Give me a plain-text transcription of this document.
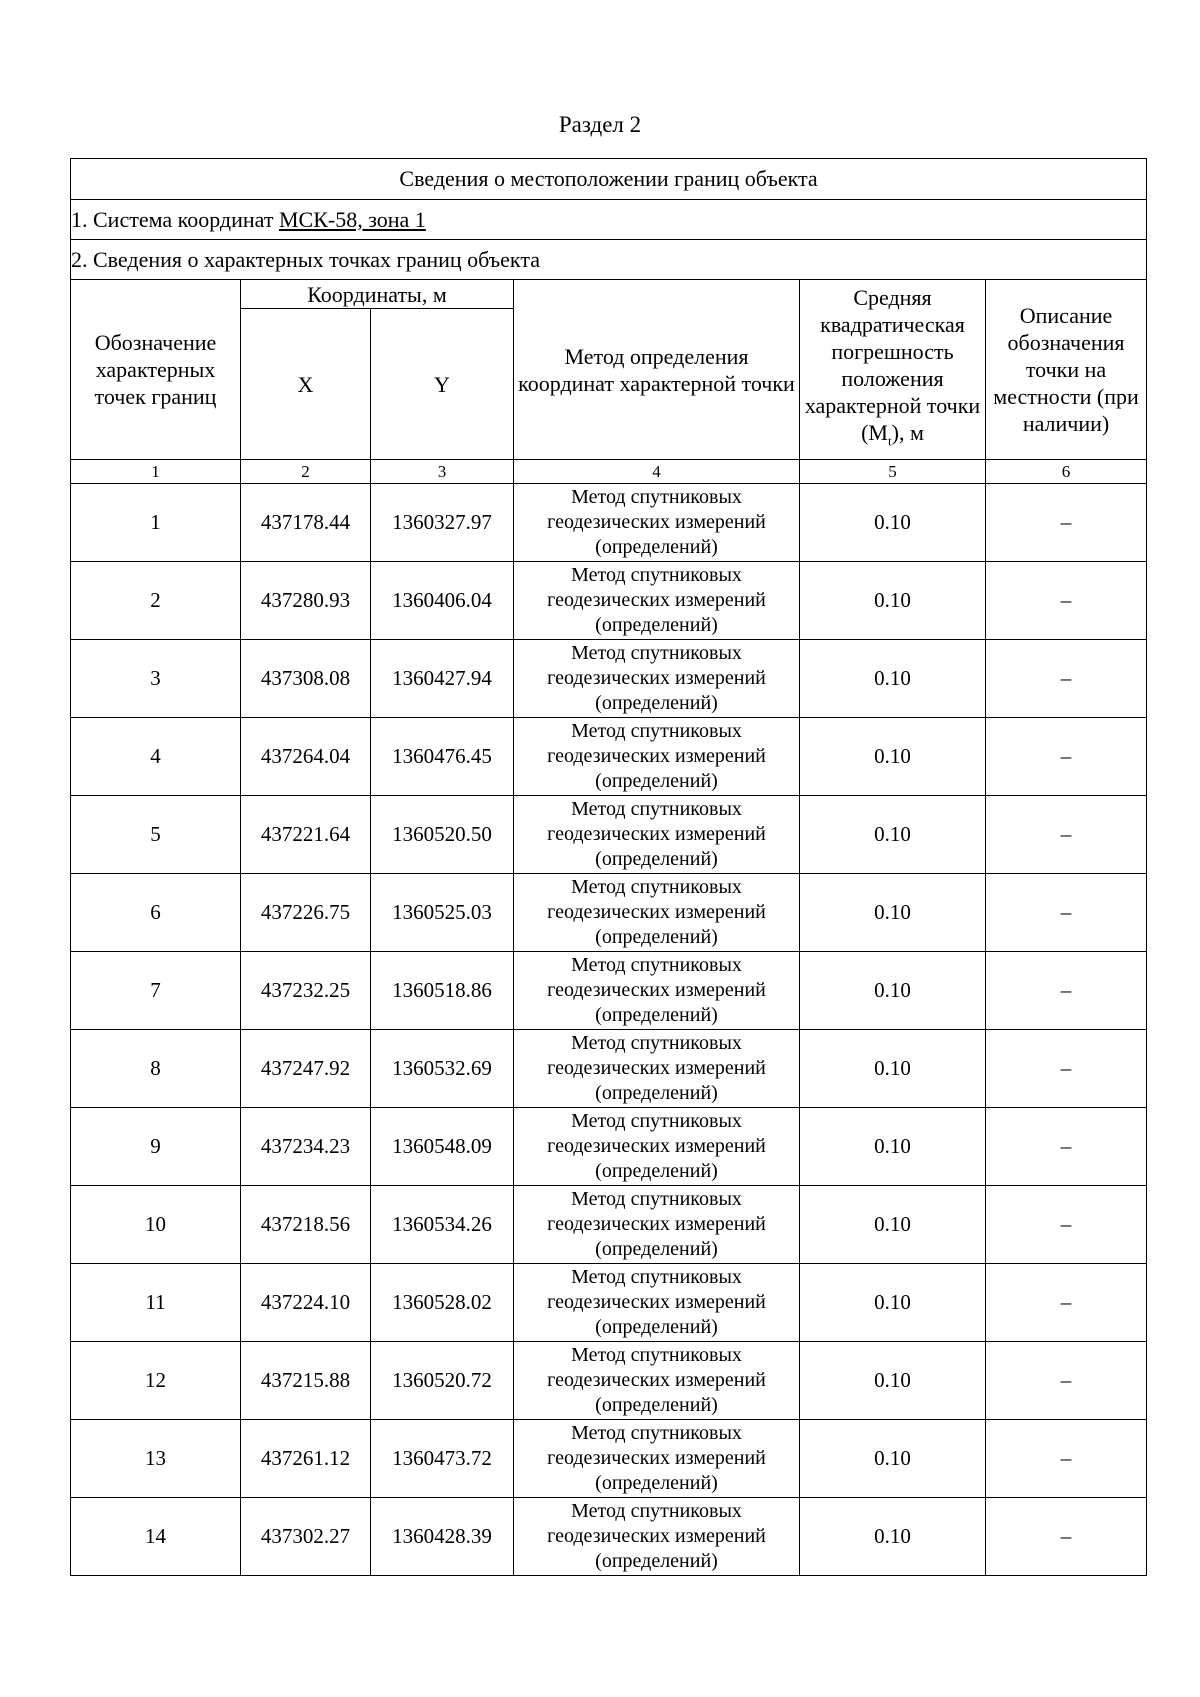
Раздел 2
Сведения о местоположении границ объекта					
1. Система координат МСК-58, зона 1					
2. Сведения о характерных точках границ объекта					
Обозначение характерных точек границ	Координаты, м		Метод определения координат характерной точки	Средняя квадратическая погрешность положения характерной точки $(M_t)$, м	Описание обозначения точки на местности (при наличии)
	X	Y			
1	2	3	4	5	6
1	437178.44	1360327.97	Метод спутниковых геодезических измерений (определений)	0.10	–
2	437280.93	1360406.04	Метод спутниковых геодезических измерений (определений)	0.10	–
3	437308.08	1360427.94	Метод спутниковых геодезических измерений (определений)	0.10	–
4	437264.04	1360476.45	Метод спутниковых геодезических измерений (определений)	0.10	–
5	437221.64	1360520.50	Метод спутниковых геодезических измерений (определений)	0.10	–
6	437226.75	1360525.03	Метод спутниковых геодезических измерений (определений)	0.10	–
7	437232.25	1360518.86	Метод спутниковых геодезических измерений (определений)	0.10	–
8	437247.92	1360532.69	Метод спутниковых геодезических измерений (определений)	0.10	–
9	437234.23	1360548.09	Метод спутниковых геодезических измерений (определений)	0.10	–
10	437218.56	1360534.26	Метод спутниковых геодезических измерений (определений)	0.10	–
11	437224.10	1360528.02	Метод спутниковых геодезических измерений (определений)	0.10	–
12	437215.88	1360520.72	Метод спутниковых геодезических измерений (определений)	0.10	–
13	437261.12	1360473.72	Метод спутниковых геодезических измерений (определений)	0.10	–
14	437302.27	1360428.39	Метод спутниковых геодезических измерений (определений)	0.10	–
